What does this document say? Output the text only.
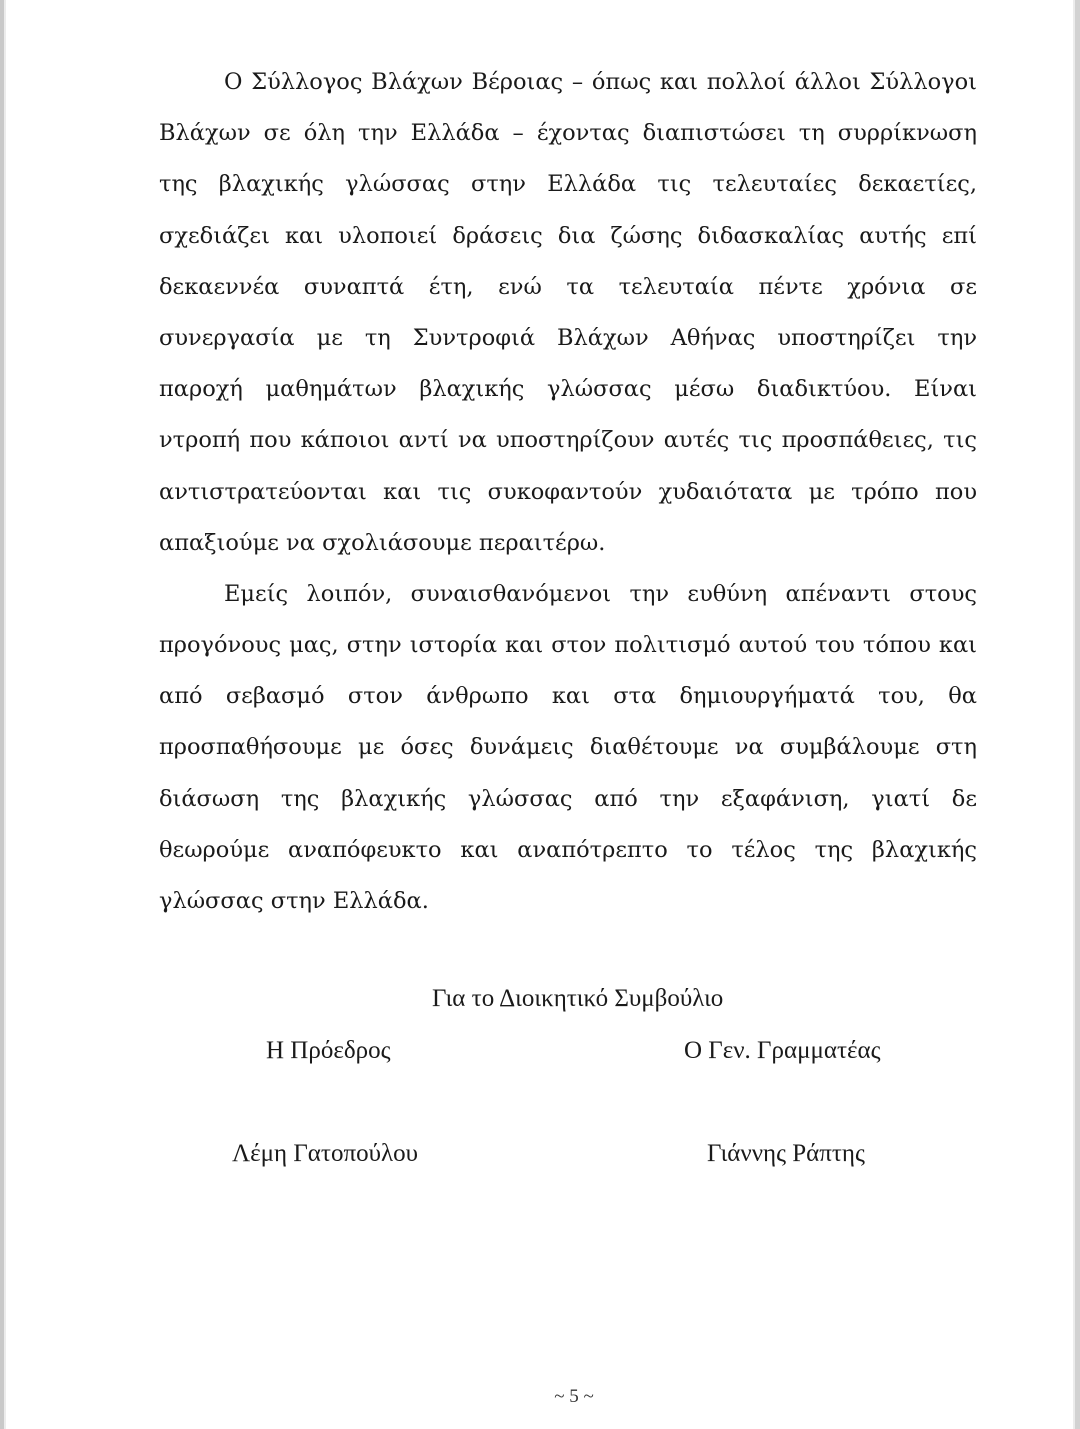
Ο Σύλλογος Βλάχων Βέροιας – όπως και πολλοί άλλοι Σύλλογοι
Βλάχων σε όλη την Ελλάδα – έχοντας διαπιστώσει τη συρρίκνωση
της βλαχικής γλώσσας στην Ελλάδα τις τελευταίες δεκαετίες,
σχεδιάζει και υλοποιεί δράσεις δια ζώσης διδασκαλίας αυτής επί
δεκαεννέα συναπτά έτη, ενώ τα τελευταία πέντε χρόνια σε
συνεργασία με τη Συντροφιά Βλάχων Αθήνας υποστηρίζει την
παροχή μαθημάτων βλαχικής γλώσσας μέσω διαδικτύου. Είναι
ντροπή που κάποιοι αντί να υποστηρίζουν αυτές τις προσπάθειες, τις
αντιστρατεύονται και τις συκοφαντούν χυδαιότατα με τρόπο που
απαξιούμε να σχολιάσουμε περαιτέρω.
Εμείς λοιπόν, συναισθανόμενοι την ευθύνη απέναντι στους
προγόνους μας, στην ιστορία και στον πολιτισμό αυτού του τόπου και
από σεβασμό στον άνθρωπο και στα δημιουργήματά του, θα
προσπαθήσουμε με όσες δυνάμεις διαθέτουμε να συμβάλουμε στη
διάσωση της βλαχικής γλώσσας από την εξαφάνιση, γιατί δε
θεωρούμε αναπόφευκτο και αναπότρεπτο το τέλος της βλαχικής
γλώσσας στην Ελλάδα.
Για το Διοικητικό Συμβούλιο
Η Πρόεδρος	Ο Γεν. Γραμματέας
Λέμη Γατοπούλου	Γιάννης Ράπτης
~ 5 ~
